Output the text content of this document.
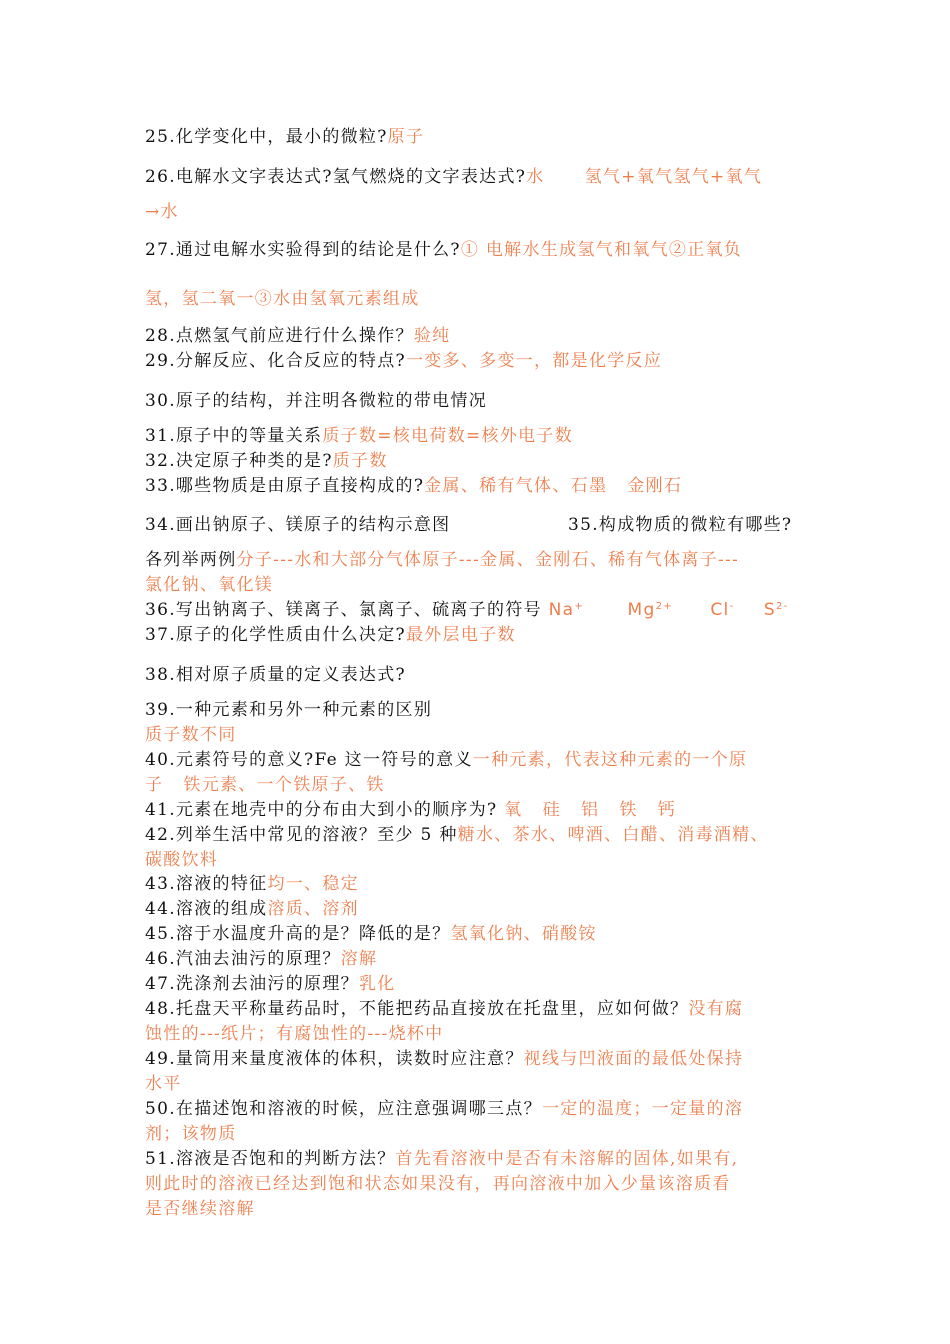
25.化学变化中，最小的微粒?原子
26.电解水文字表达式?氢气燃烧的文字表达式?水      氢气+氧气氢气+氧气
→水
27.通过电解水实验得到的结论是什么?① 电解水生成氢气和氧气②正氧负
氢，氢二氧一③水由氢氧元素组成
28.点燃氢气前应进行什么操作？验纯
29.分解反应、化合反应的特点?一变多、多变一，都是化学反应
30.原子的结构，并注明各微粒的带电情况
31.原子中的等量关系质子数=核电荷数=核外电子数
32.决定原子种类的是?质子数
33.哪些物质是由原子直接构成的?金属、稀有气体、石墨   金刚石
34.画出钠原子、镁原子的结构示意图	35.构成物质的微粒有哪些?
各列举两例分子---水和大部分气体原子---金属、金刚石、稀有气体离子---
氯化钠、氧化镁
36.写出钠离子、镁离子、氯离子、硫离子的符号 Na+	$Mg^{2+}$ Cl- $S^{2-}$
37.原子的化学性质由什么决定?最外层电子数
38.相对原子质量的定义表达式?
39.一种元素和另外一种元素的区别
质子数不同
40.元素符号的意义?Fe 这一符号的意义一种元素，代表这种元素的一个原
子   铁元素、一个铁原子、铁
41.元素在地壳中的分布由大到小的顺序为? 氧   硅   铝   铁   钙
42.列举生活中常见的溶液？至少 5 种糖水、茶水、啤酒、白醋、消毒酒精、
碳酸饮料
43.溶液的特征均一、稳定
44.溶液的组成溶质、溶剂
45.溶于水温度升高的是？降低的是？氢氧化钠、硝酸铵
46.汽油去油污的原理？溶解
47.洗涤剂去油污的原理？乳化
48.托盘天平称量药品时，不能把药品直接放在托盘里，应如何做？没有腐
蚀性的---纸片；有腐蚀性的---烧杯中
49.量筒用来量度液体的体积，读数时应注意？视线与凹液面的最低处保持
水平
50.在描述饱和溶液的时候，应注意强调哪三点？一定的温度；一定量的溶
剂；该物质
51.溶液是否饱和的判断方法？首先看溶液中是否有未溶解的固体,如果有,
则此时的溶液已经达到饱和状态如果没有，再向溶液中加入少量该溶质看
是否继续溶解
